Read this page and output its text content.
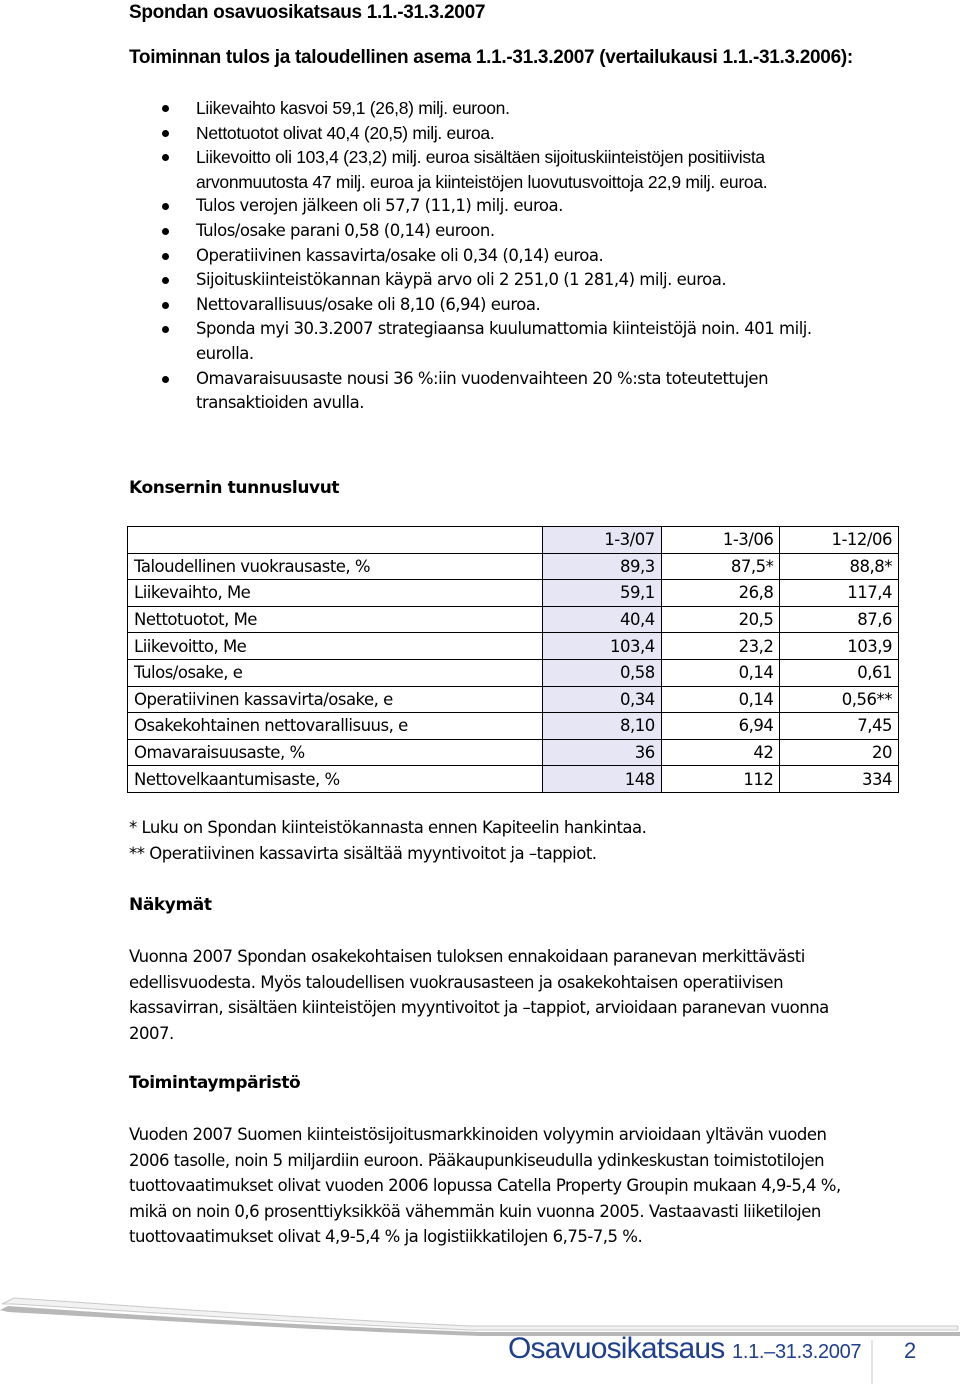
Spondan osavuosikatsaus 1.1.-31.3.2007
Toiminnan tulos ja taloudellinen asema 1.1.-31.3.2007 (vertailukausi 1.1.-31.3.2006):
Liikevaihto kasvoi 59,1 (26,8) milj. euroon.
Nettotuotot olivat 40,4 (20,5) milj. euroa.
Liikevoitto oli 103,4 (23,2) milj. euroa sisältäen sijoituskiinteistöjen positiivista arvonmuutosta 47 milj. euroa ja kiinteistöjen luovutusvoittoja 22,9 milj. euroa.
Tulos verojen jälkeen oli 57,7 (11,1) milj. euroa.
Tulos/osake parani 0,58 (0,14) euroon.
Operatiivinen kassavirta/osake oli 0,34 (0,14) euroa.
Sijoituskiinteistökannan käypä arvo oli 2 251,0 (1 281,4) milj. euroa.
Nettovarallisuus/osake oli 8,10 (6,94) euroa.
Sponda myi 30.3.2007 strategiaansa kuulumattomia kiinteistöjä noin. 401 milj. eurolla.
Omavaraisuusaste nousi 36 %:iin vuodenvaihteen 20 %:sta toteutettujen transaktioiden avulla.
Konsernin tunnusluvut
	1-3/07	1-3/06	1-12/06
Taloudellinen vuokrausaste, %	89,3	87,5*	88,8*
Liikevaihto, Me	59,1	26,8	117,4
Nettotuotot, Me	40,4	20,5	87,6
Liikevoitto, Me	103,4	23,2	103,9
Tulos/osake, e	0,58	0,14	0,61
Operatiivinen kassavirta/osake, e	0,34	0,14	0,56**
Osakekohtainen nettovarallisuus, e	8,10	6,94	7,45
Omavaraisuusaste, %	36	42	20
Nettovelkaantumisaste, %	148	112	334
* Luku on Spondan kiinteistökannasta ennen Kapiteelin hankintaa.
** Operatiivinen kassavirta sisältää myyntivoitot ja –tappiot.
Näkymät

Vuonna 2007 Spondan osakekohtaisen tuloksen ennakoidaan paranevan merkittävästi edellisvuodesta. Myös taloudellisen vuokrausasteen ja osakekohtaisen operatiivisen kassavirran, sisältäen kiinteistöjen myyntivoitot ja –tappiot, arvioidaan paranevan vuonna 2007.

Toimintaympäristö

Vuoden 2007 Suomen kiinteistösijoitusmarkkinoiden volyymin arvioidaan yltävän vuoden 2006 tasolle, noin 5 miljardiin euroon. Pääkaupunkiseudulla ydinkeskustan toimistotilojen tuottovaatimukset olivat vuoden 2006 lopussa Catella Property Groupin mukaan 4,9-5,4 %, mikä on noin 0,6 prosenttiyksikköä vähemmän kuin vuonna 2005. Vastaavasti liiketilojen tuottovaatimukset olivat 4,9-5,4 % ja logistiikkatilojen 6,75-7,5 %.

Osavuosikatsaus 1.1.–31.3.2007 2
